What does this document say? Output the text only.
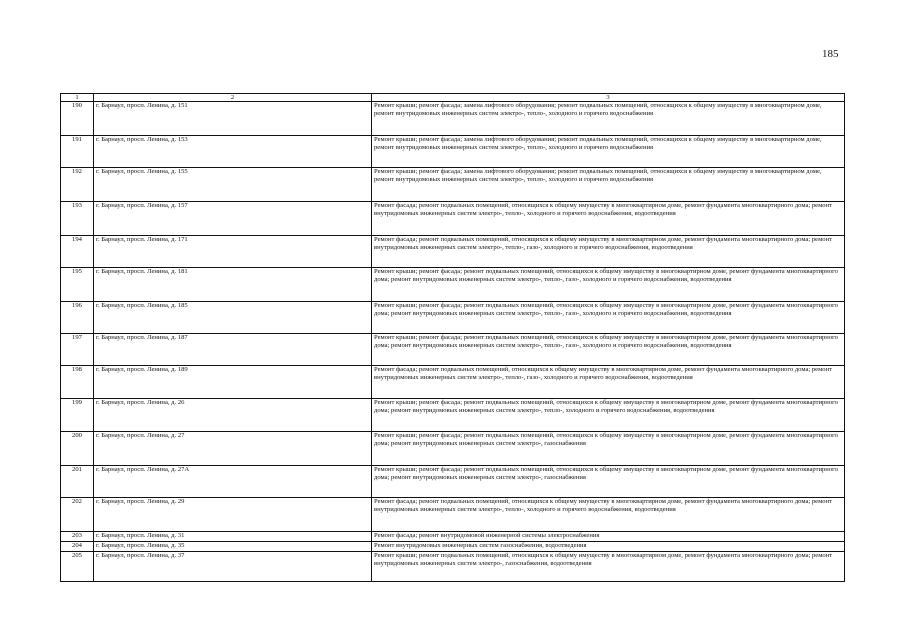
185
1	2	3
190	г. Барнаул, просп. Ленина, д. 151	Ремонт крыши; ремонт фасада; замена лифтового оборудования; ремонт подвальных помещений, относящихся к общему имуществу в многоквартирном доме, ремонт внутридомовых инженерных систем электро-, тепло-, холодного и горячего водоснабжения
191	г. Барнаул, просп. Ленина, д. 153	Ремонт крыши; ремонт фасада; замена лифтового оборудования; ремонт подвальных помещений, относящихся к общему имуществу в многоквартирном доме, ремонт внутридомовых инженерных систем электро-, тепло-, холодного и горячего водоснабжения
192	г. Барнаул, просп. Ленина, д. 155	Ремонт крыши; ремонт фасада; замена лифтового оборудования; ремонт подвальных помещений, относящихся к общему имуществу в многоквартирном доме, ремонт внутридомовых инженерных систем электро-, тепло-, холодного и горячего водоснабжения
193	г. Барнаул, просп. Ленина, д. 157	Ремонт фасада; ремонт подвальных помещений, относящихся к общему имуществу в многоквартирном доме, ремонт фундамента многоквартирного дома; ремонт внутридомовых инженерных систем электро-, тепло-, холодного и горячего водоснабжения, водоотведения
194	г. Барнаул, просп. Ленина, д. 171	Ремонт фасада; ремонт подвальных помещений, относящихся к общему имуществу в многоквартирном доме, ремонт фундамента многоквартирного дома; ремонт внутридомовых инженерных систем электро-, тепло-, газо-, холодного и горячего водоснабжения, водоотведения
195	г. Барнаул, просп. Ленина, д. 181	Ремонт крыши; ремонт фасада; ремонт подвальных помещений, относящихся к общему имуществу в многоквартирном доме, ремонт фундамента многоквартирного дома; ремонт внутридомовых инженерных систем электро-, тепло-, газо-, холодного и горячего водоснабжения, водоотведения
196	г. Барнаул, просп. Ленина, д. 185	Ремонт крыши; ремонт фасада; ремонт подвальных помещений, относящихся к общему имуществу в многоквартирном доме, ремонт фундамента многоквартирного дома; ремонт внутридомовых инженерных систем электро-, тепло-, газо-, холодного и горячего водоснабжения, водоотведения
197	г. Барнаул, просп. Ленина, д. 187	Ремонт крыши; ремонт фасада; ремонт подвальных помещений, относящихся к общему имуществу в многоквартирном доме, ремонт фундамента многоквартирного дома; ремонт внутридомовых инженерных систем электро-, тепло-, газо-, холодного и горячего водоснабжения, водоотведения
198	г. Барнаул, просп. Ленина, д. 189	Ремонт фасада; ремонт подвальных помещений, относящихся к общему имуществу в многоквартирном доме, ремонт фундамента многоквартирного дома; ремонт внутридомовых инженерных систем электро-, тепло-, газо-, холодного и горячего водоснабжения, водоотведения
199	г. Барнаул, просп. Ленина, д. 26	Ремонт крыши; ремонт фасада; ремонт подвальных помещений, относящихся к общему имуществу в многоквартирном доме, ремонт фундамента многоквартирного дома; ремонт внутридомовых инженерных систем электро-, тепло-, холодного и горячего водоснабжения, водоотведения
200	г. Барнаул, просп. Ленина, д. 27	Ремонт крыши; ремонт фасада; ремонт подвальных помещений, относящихся к общему имуществу в многоквартирном доме, ремонт фундамента многоквартирного дома; ремонт внутридомовых инженерных систем электро-, газоснабжения
201	г. Барнаул, просп. Ленина, д. 27А	Ремонт крыши; ремонт фасада; ремонт подвальных помещений, относящихся к общему имуществу в многоквартирном доме, ремонт фундамента многоквартирного дома; ремонт внутридомовых инженерных систем электро-, газоснабжения
202	г. Барнаул, просп. Ленина, д. 29	Ремонт фасада; ремонт подвальных помещений, относящихся к общему имуществу в многоквартирном доме, ремонт фундамента многоквартирного дома; ремонт внутридомовых инженерных систем электро-, тепло-, холодного и горячего водоснабжения, водоотведения
203	г. Барнаул, просп. Ленина, д. 31	Ремонт фасада; ремонт внутридомовой инженерной системы электроснабжения
204	г. Барнаул, просп. Ленина, д. 35	Ремонт внутридомовых инженерных систем газоснабжения, водоотведения
205	г. Барнаул, просп. Ленина, д. 37	Ремонт крыши; ремонт подвальных помещений, относящихся к общему имуществу в многоквартирном доме, ремонт фундамента многоквартирного дома; ремонт внутридомовых инженерных систем электро-, газоснабжения, водоотведения
